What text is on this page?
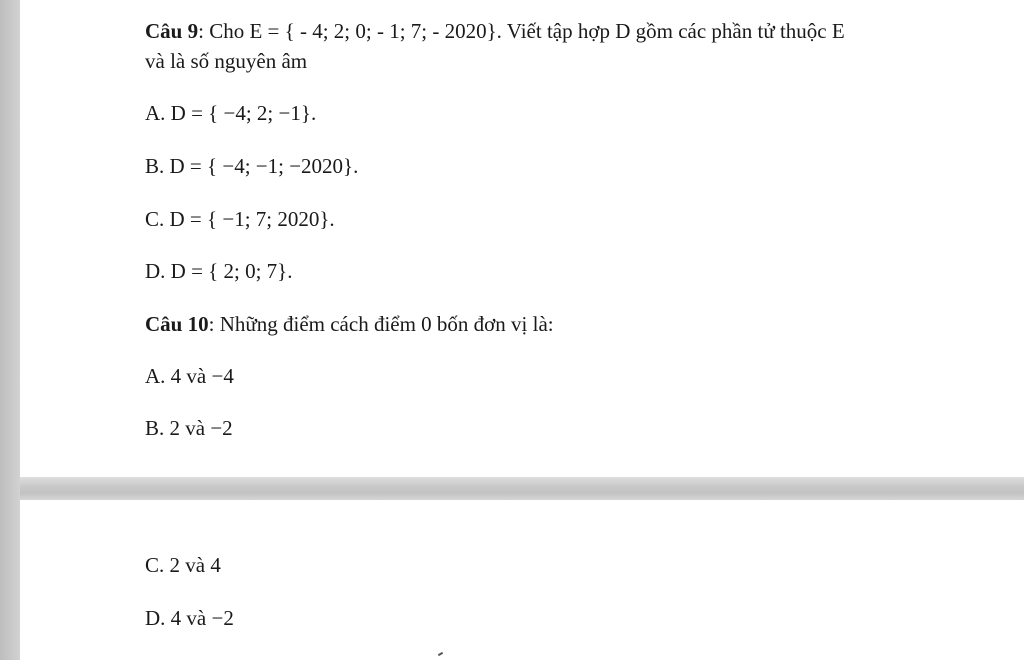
Câu 9: Cho E = { - 4; 2; 0; - 1; 7; - 2020}. Viết tập hợp D gồm các phần tử thuộc E
và là số nguyên âm
A. D = { −4; 2; −1}.
B. D = { −4; −1; −2020}.
C. D = { −1; 7; 2020}.
D. D = { 2; 0; 7}.
Câu 10: Những điểm cách điểm 0 bốn đơn vị là:
A. 4 và −4
B. 2 và −2
C. 2 và 4
D. 4 và −2
